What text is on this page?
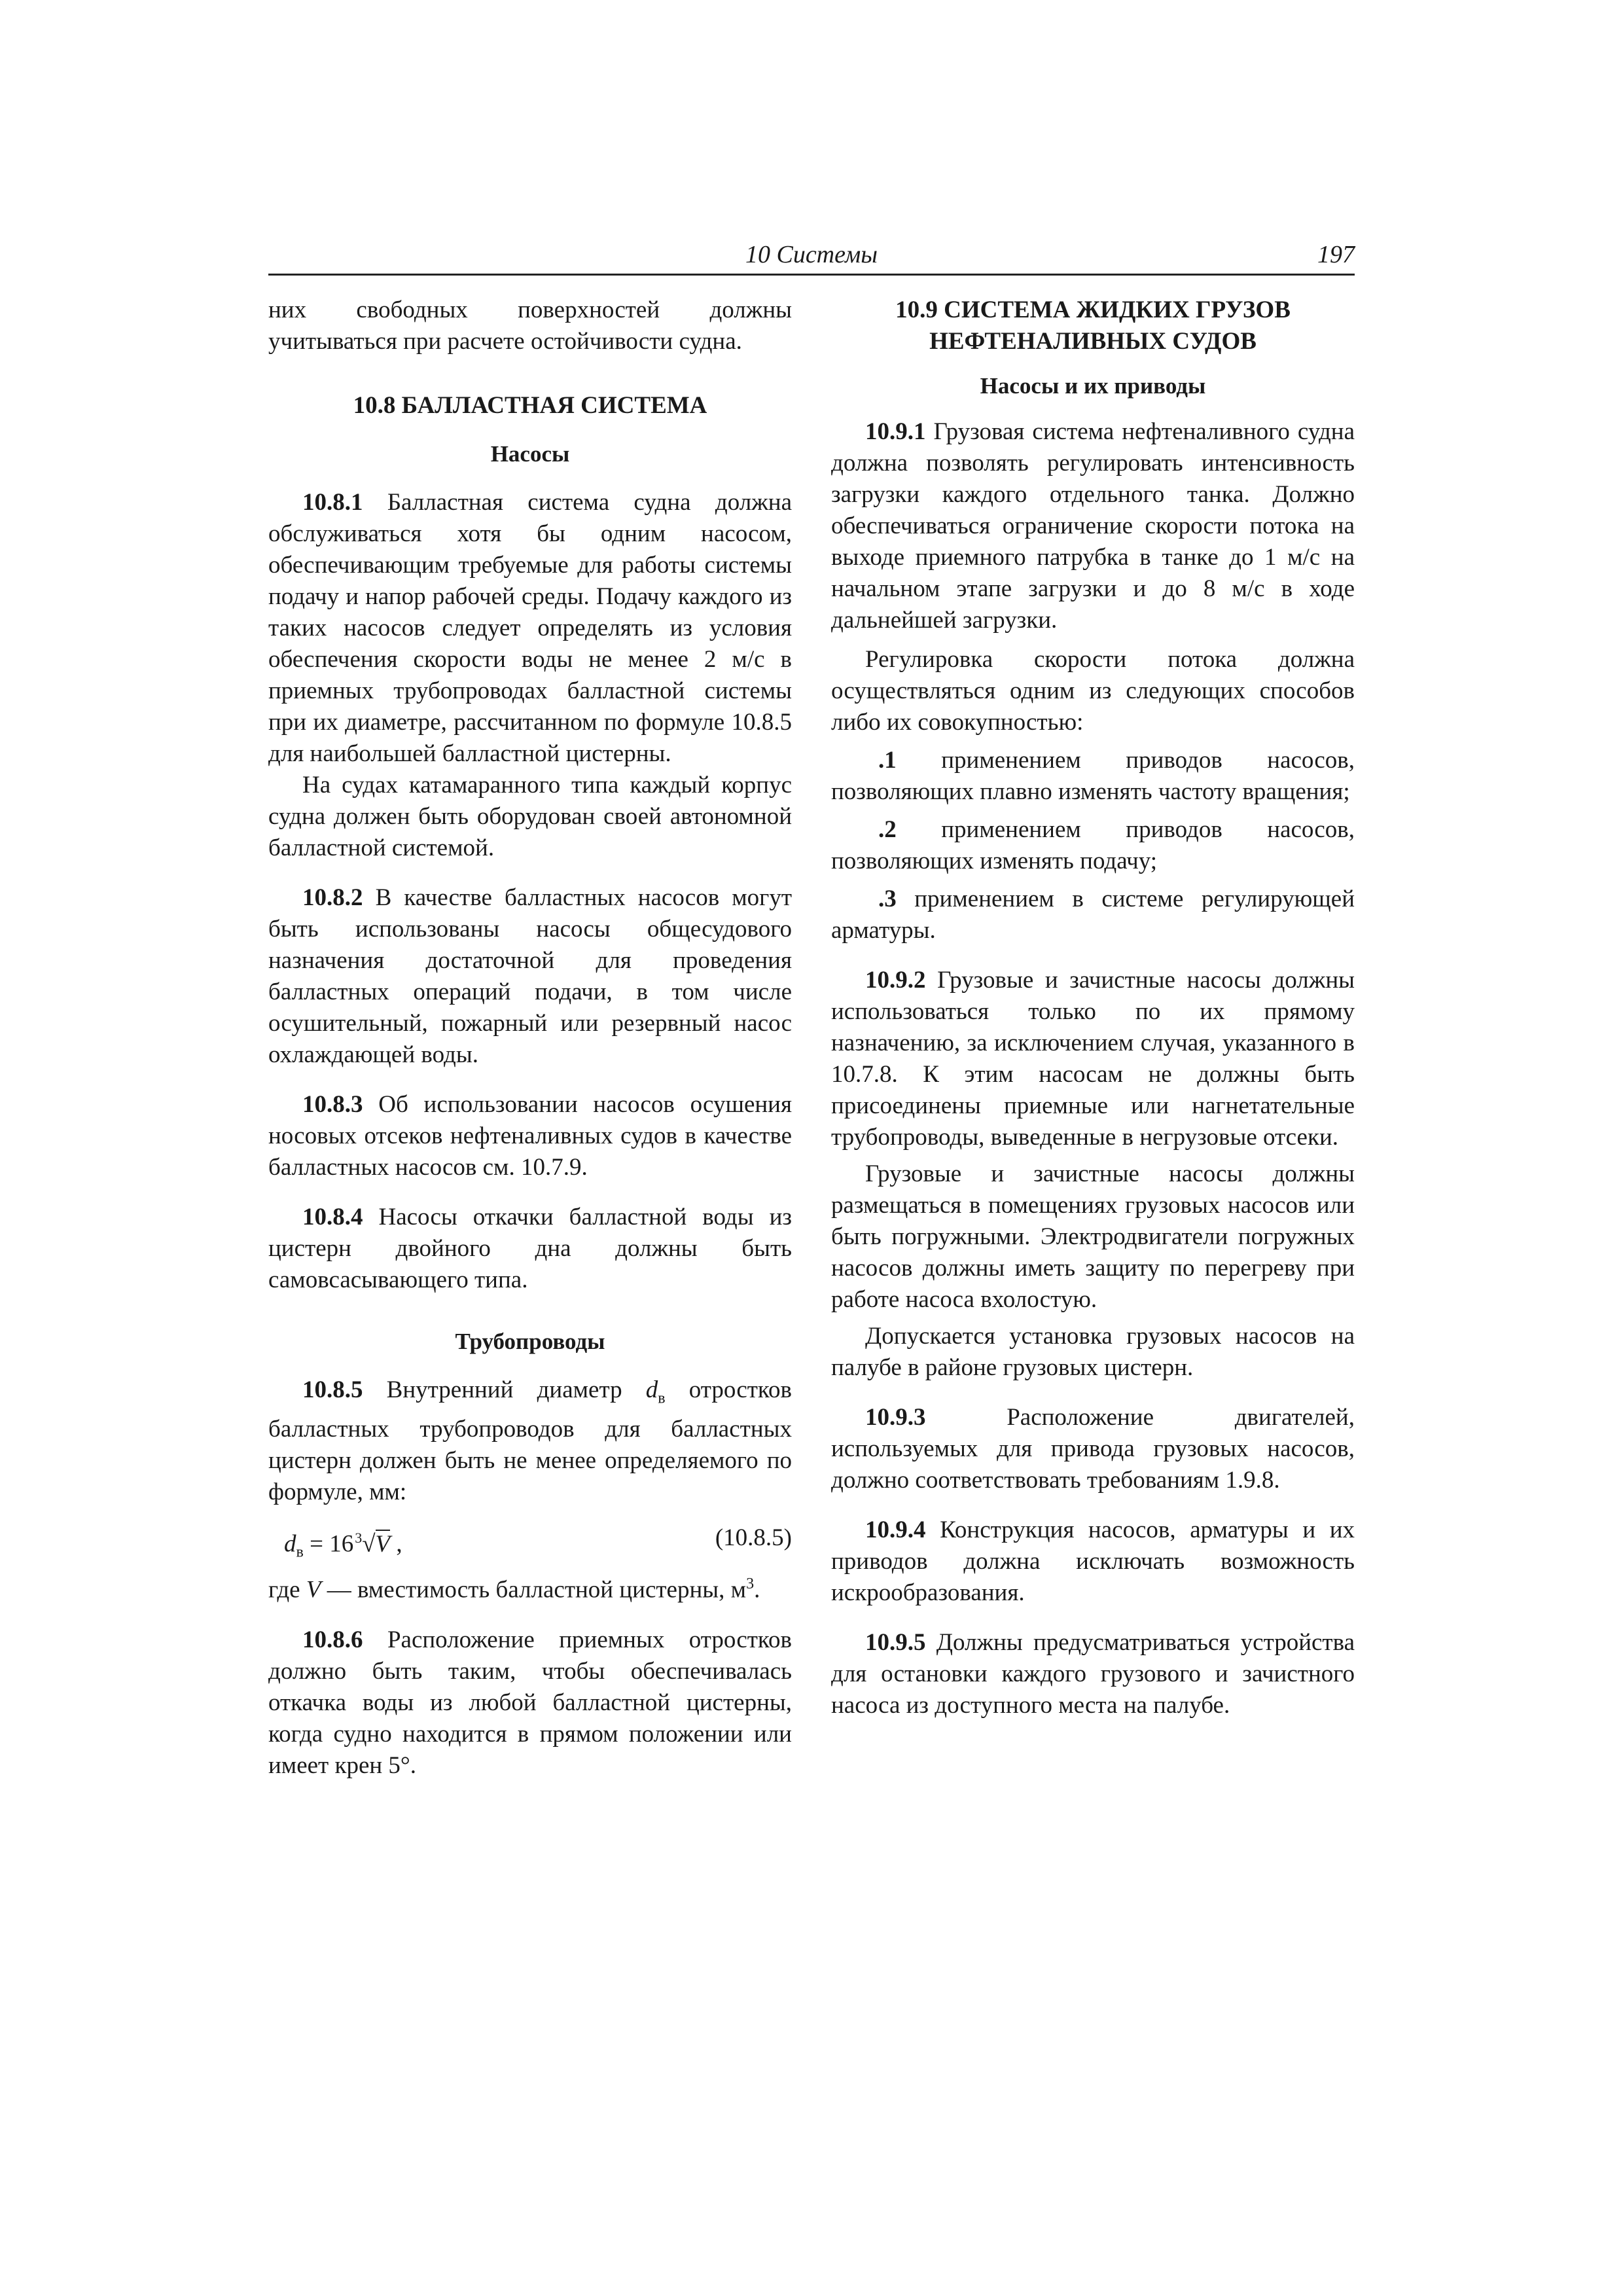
10 Системы	197

них свободных поверхностей должны учитываться при расчете остойчивости судна.

10.8 БАЛЛАСТНАЯ СИСТЕМА

Насосы

10.8.1 Балластная система судна должна обслуживаться хотя бы одним насосом, обеспечивающим требуемые для работы системы подачу и напор рабочей среды. Подачу каждого из таких насосов следует определять из условия обеспечения скорости воды не менее 2 м/с в приемных трубопроводах балластной системы при их диаметре, рассчитанном по формуле 10.8.5 для наибольшей балластной цистерны.

На судах катамаранного типа каждый корпус судна должен быть оборудован своей автономной балластной системой.

10.8.2 В качестве балластных насосов могут быть использованы насосы общесудового назначения достаточной для проведения балластных операций подачи, в том числе осушительный, пожарный или резервный насос охлаждающей воды.

10.8.3 Об использовании насосов осушения носовых отсеков нефтеналивных судов в качестве балластных насосов см. 10.7.9.

10.8.4 Насосы откачки балластной воды из цистерн двойного дна должны быть самовсасывающего типа.

Трубопроводы

10.8.5 Внутренний диаметр $d_в$ отростков балластных трубопроводов для балластных цистерн должен быть не менее определяемого по формуле, мм:

$d_в = 16^3√V$ ,	(10.8.5)

где V — вместимость балластной цистерны, $м^3$.

10.8.6 Расположение приемных отростков должно быть таким, чтобы обеспечивалась откачка воды из любой балластной цистерны, когда судно находится в прямом положении или имеет крен 5°.

10.9 СИСТЕМА ЖИДКИХ ГРУЗОВ

НЕФТЕНАЛИВНЫХ СУДОВ

Насосы и их приводы

10.9.1 Грузовая система нефтеналивного судна должна позволять регулировать интенсивность загрузки каждого отдельного танка. Должно обеспечиваться ограничение скорости потока на выходе приемного патрубка в танке до 1 м/с на начальном этапе загрузки и до 8 м/с в ходе дальнейшей загрузки.

Регулировка скорости потока должна осуществляться одним из следующих способов либо их совокупностью:

.1 применением приводов насосов, позволяющих плавно изменять частоту вращения;

.2 применением приводов насосов, позволяющих изменять подачу;

.3 применением в системе регулирующей арматуры.

10.9.2 Грузовые и зачистные насосы должны использоваться только по их прямому назначению, за исключением случая, указанного в 10.7.8. К этим насосам не должны быть присоединены приемные или нагнетательные трубопроводы, выведенные в негрузовые отсеки.

Грузовые и зачистные насосы должны размещаться в помещениях грузовых насосов или быть погружными. Электродвигатели погружных насосов должны иметь защиту по перегреву при работе насоса вхолостую.

Допускается установка грузовых насосов на палубе в районе грузовых цистерн.

10.9.3 Расположение двигателей, используемых для привода грузовых насосов, должно соответствовать требованиям 1.9.8.

10.9.4 Конструкция насосов, арматуры и их приводов должна исключать возможность искрообразования.

10.9.5 Должны предусматриваться устройства для остановки каждого грузового и зачистного насоса из доступного места на палубе.
